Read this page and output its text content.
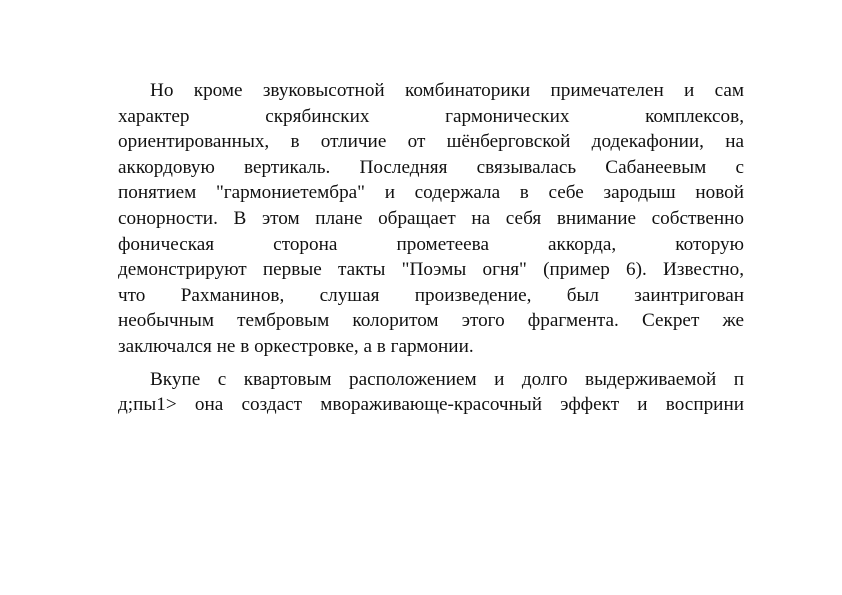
Но кроме звуковысотной комбинаторики примечателен и сам
характер скрябинских гармонических комплексов,
ориентированных, в отличие от шёнберговской додекафонии, на
аккордовую вертикаль. Последняя связывалась Сабанеевым с
понятием "гармониетембра" и содержала в себе зародыш новой
сонорности. В этом плане обращает на себя внимание собственно
фоническая сторона прометеева аккорда, которую
демонстрируют первые такты "Поэмы огня" (пример 6). Известно,
что Рахманинов, слушая произведение, был заинтригован
необычным тембровым колоритом этого фрагмента. Секрет же
заключался не в оркестровке, а в гармонии.

Вкупе с квартовым расположением и долго выдерживаемой п
д;пы1> она создаст мвораживающе-красочный эффект и восприни
